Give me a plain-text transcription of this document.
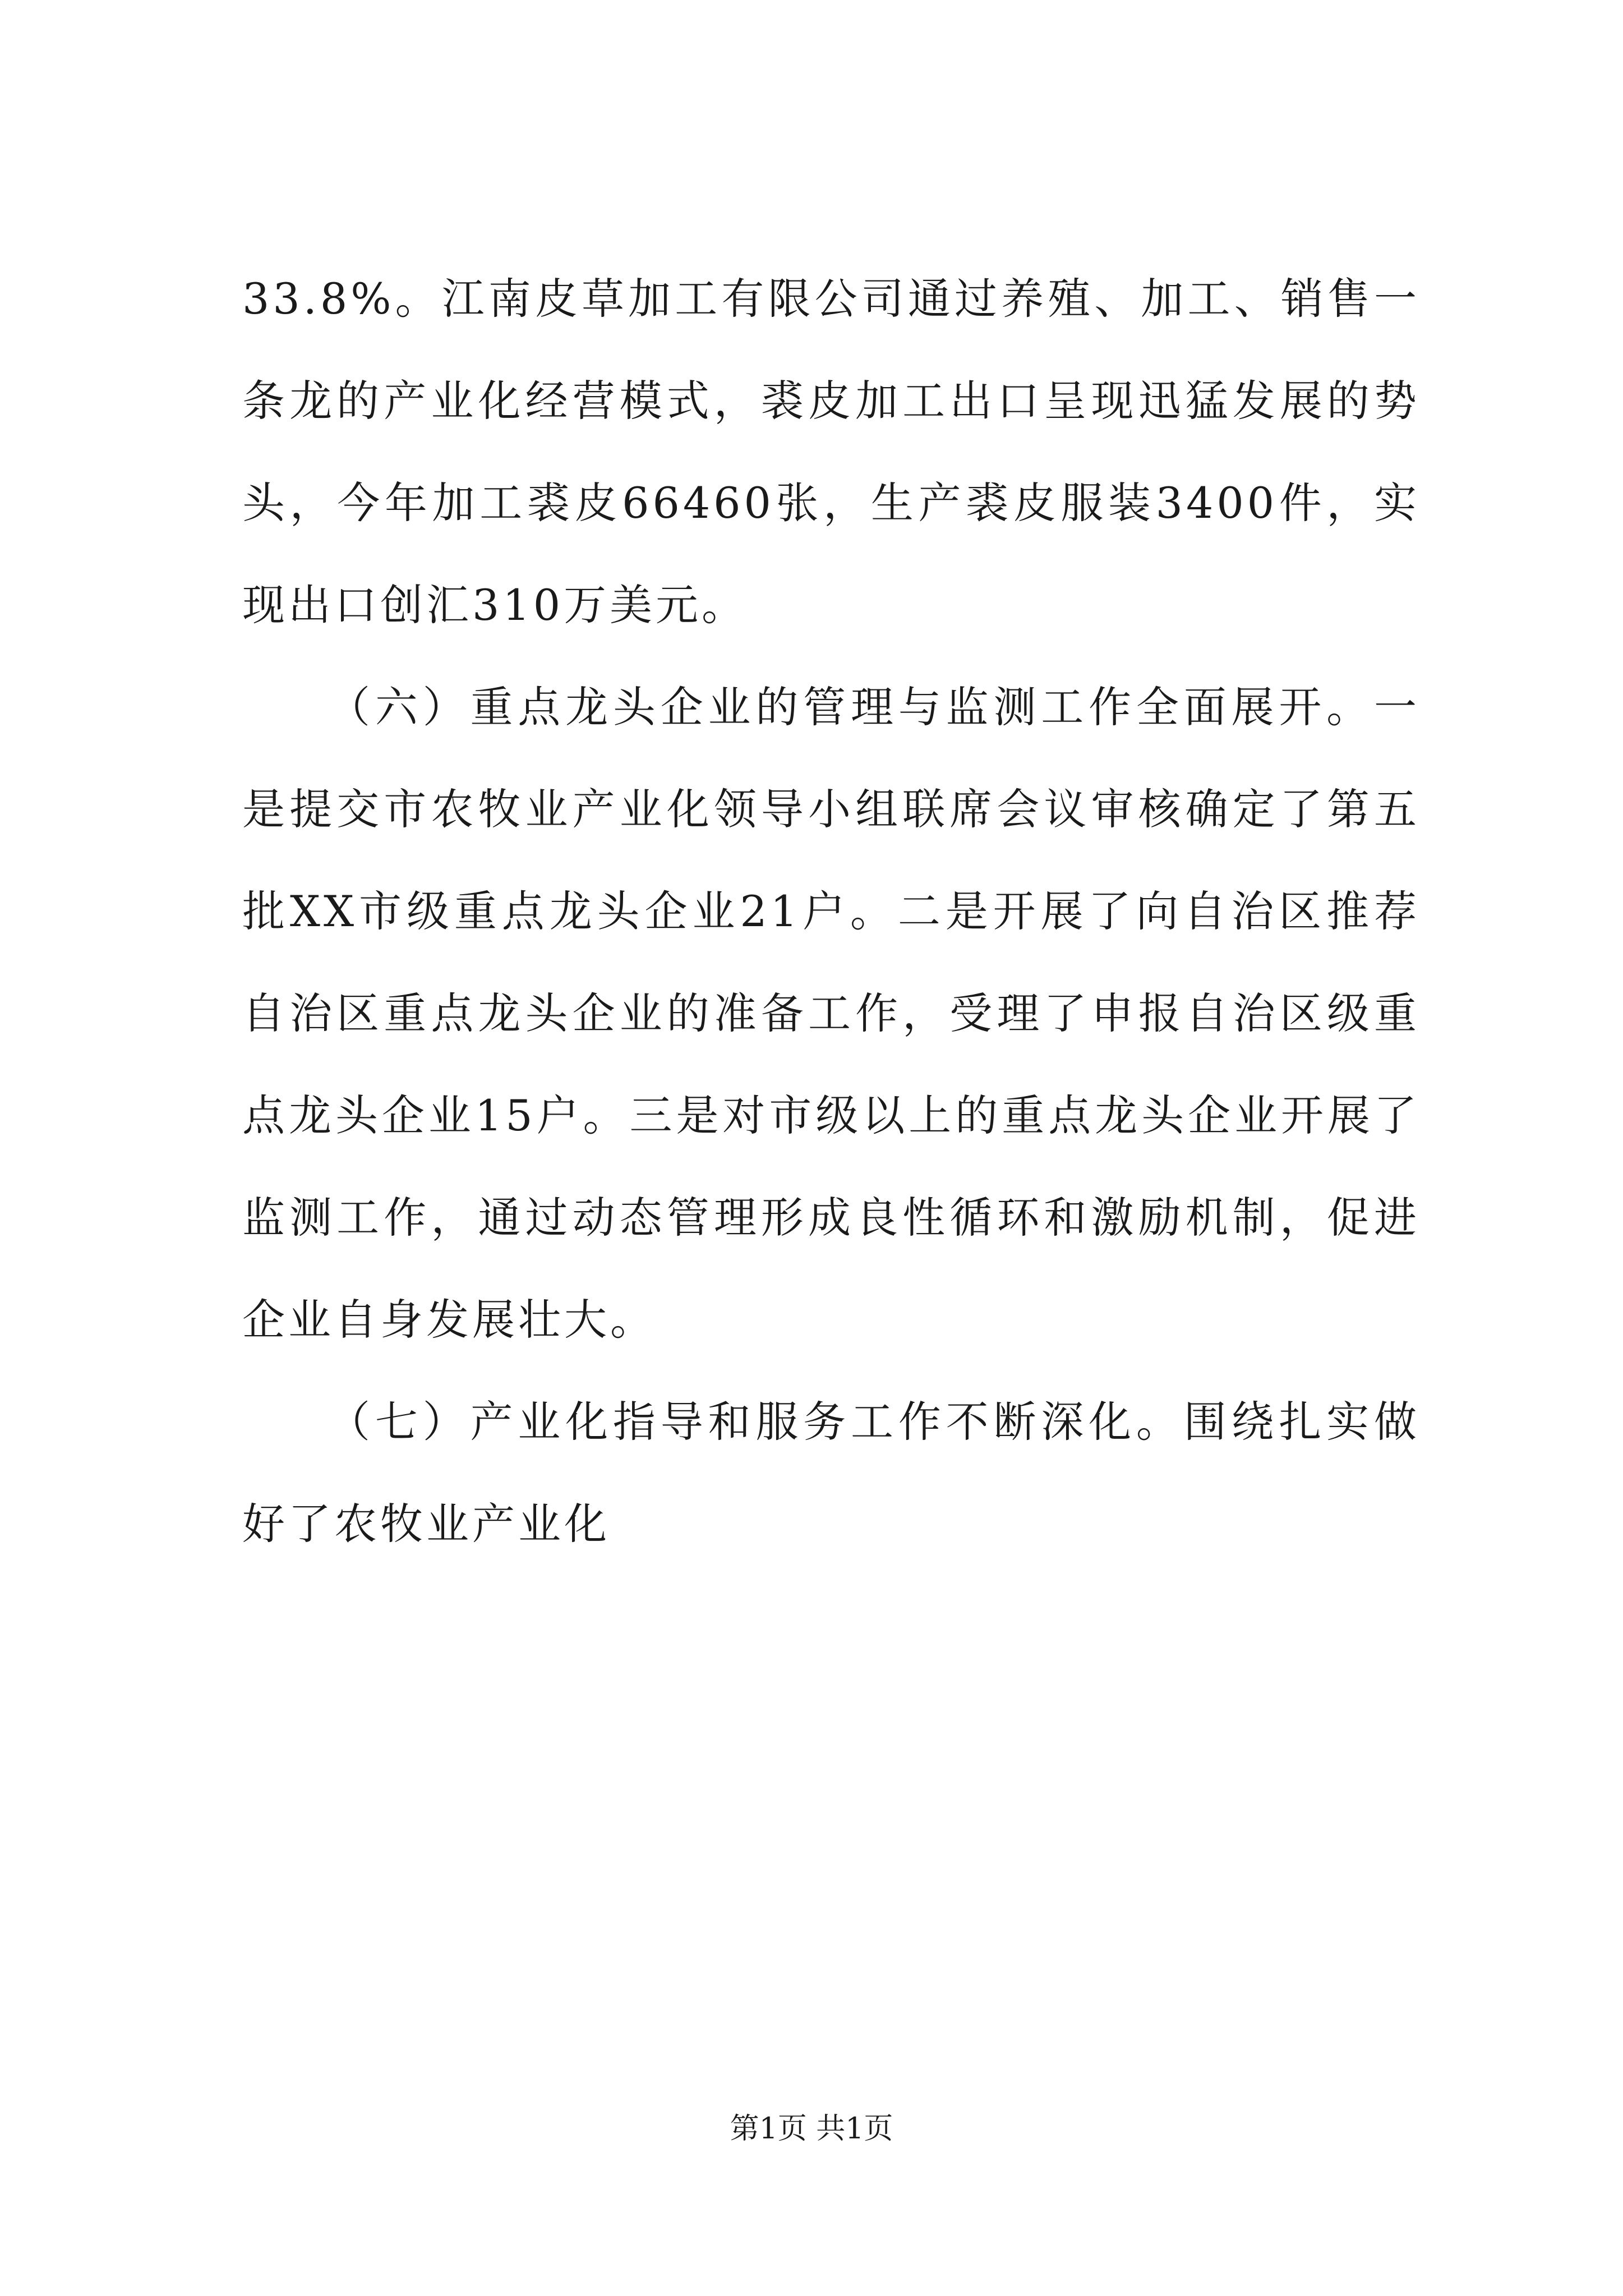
33.8%。江南皮草加工有限公司通过养殖、加工、销售一条龙的产业化经营模式，裘皮加工出口呈现迅猛发展的势头，今年加工裘皮66460张，生产裘皮服装3400件，实现出口创汇310万美元。

（六）重点龙头企业的管理与监测工作全面展开。一是提交市农牧业产业化领导小组联席会议审核确定了第五批XX市级重点龙头企业21户。二是开展了向自治区推荐自治区重点龙头企业的准备工作，受理了申报自治区级重点龙头企业15户。三是对市级以上的重点龙头企业开展了监测工作，通过动态管理形成良性循环和激励机制，促进企业自身发展壮大。

（七）产业化指导和服务工作不断深化。围绕扎实做好了农牧业产业化

第1页 共1页
